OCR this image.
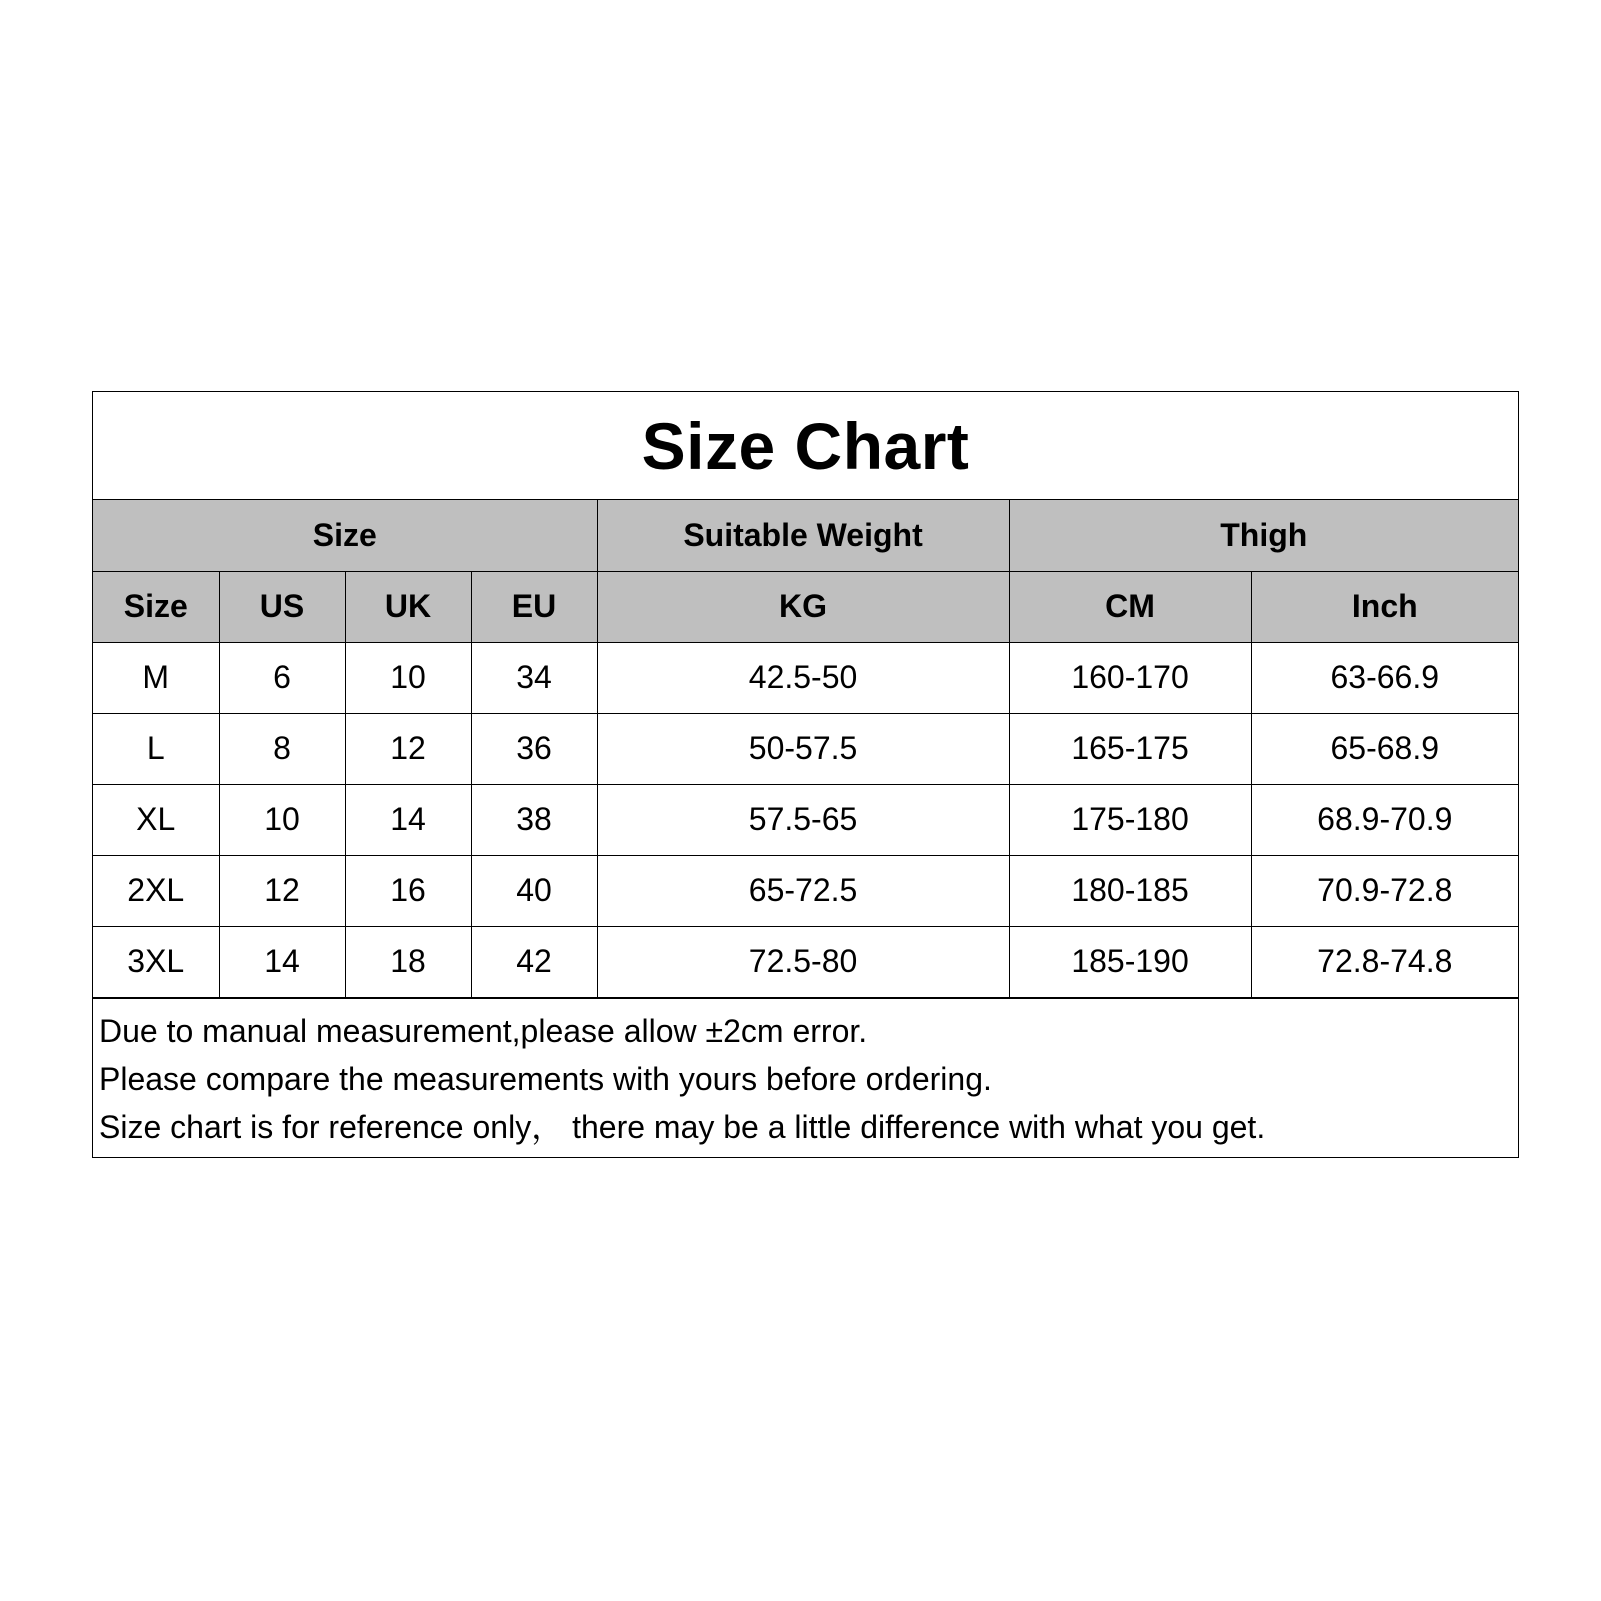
Size Chart
Size				Suitable Weight	Thigh	
Size	US	UK	EU	KG	CM	Inch
M	6	10	34	42.5-50	160-170	63-66.9
L	8	12	36	50-57.5	165-175	65-68.9
XL	10	14	38	57.5-65	175-180	68.9-70.9
2XL	12	16	40	65-72.5	180-185	70.9-72.8
3XL	14	18	42	72.5-80	185-190	72.8-74.8
Due to manual measurement,please allow ±2cm error.
Please compare the measurements with yours before ordering.
Size chart is for reference only， there may be a little difference with what you get.
